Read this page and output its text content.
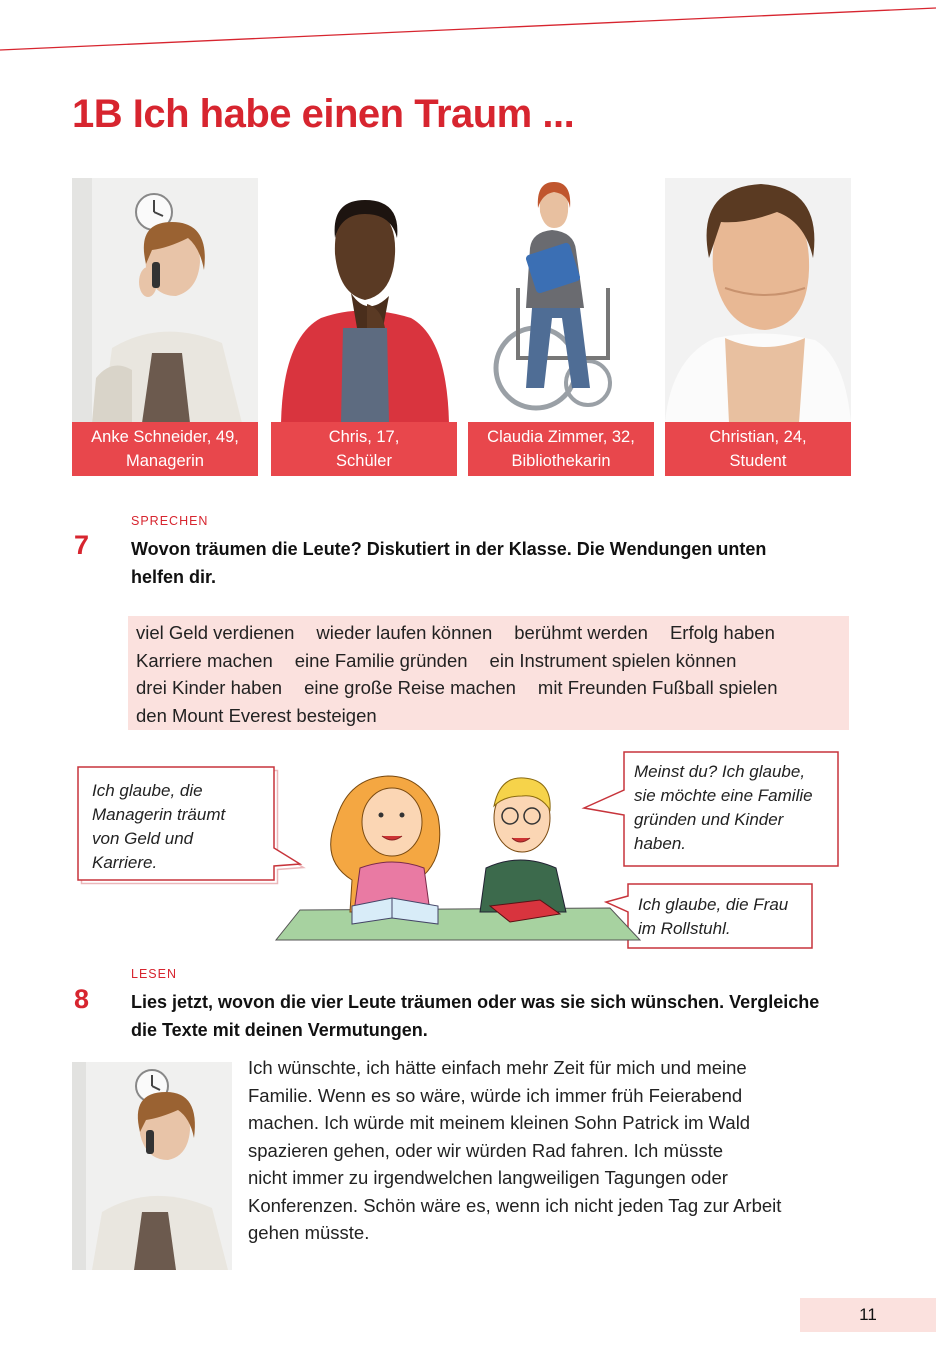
1B Ich habe einen Traum ...
Anke Schneider, 49,
Managerin
Chris, 17,
Schüler
Claudia Zimmer, 32,
Bibliothekarin
Christian, 24,
Student
SPRECHEN
7 Wovon träumen die Leute? Diskutiert in der Klasse. Die Wendungen unten
helfen dir.

viel Geld verdienen wieder laufen können berühmt werden Erfolg haben
Karriere machen eine Familie gründen ein Instrument spielen können
drei Kinder haben eine große Reise machen mit Freunden Fußball spielen
den Mount Everest besteigen

Ich glaube, die
Managerin träumt
von Geld und
Karriere.

Meinst du? Ich glaube,
sie möchte eine Familie
gründen und Kinder
haben.

Ich glaube, die Frau
im Rollstuhl.

LESEN
8 Lies jetzt, wovon die vier Leute träumen oder was sie sich wünschen. Vergleiche
die Texte mit deinen Vermutungen.

Ich wünschte, ich hätte einfach mehr Zeit für mich und meine
Familie. Wenn es so wäre, würde ich immer früh Feierabend
machen. Ich würde mit meinem kleinen Sohn Patrick im Wald
spazieren gehen, oder wir würden Rad fahren. Ich müsste
nicht immer zu irgendwelchen langweiligen Tagungen oder
Konferenzen. Schön wäre es, wenn ich nicht jeden Tag zur Arbeit
gehen müsste.

11
